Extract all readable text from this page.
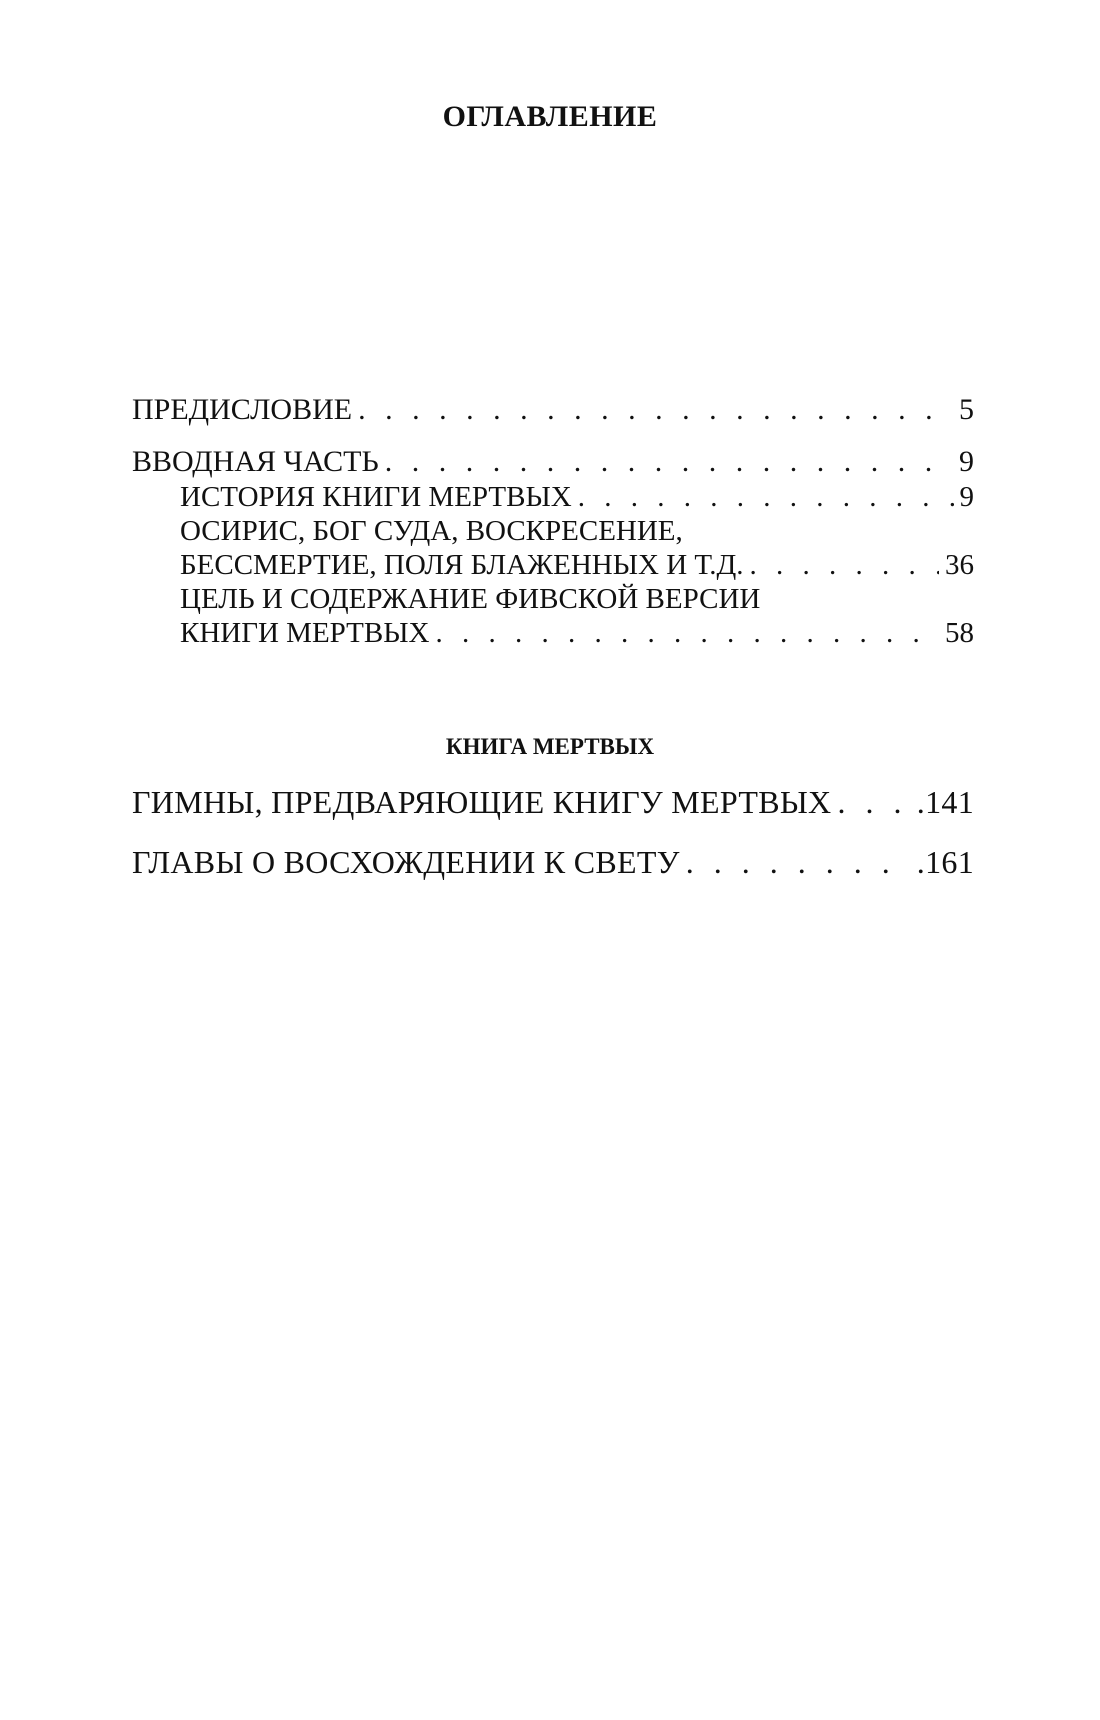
ОГЛАВЛЕНИЕ
ПРЕДИСЛОВИЕ . . .	5
ВВОДНАЯ ЧАСТЬ . . .	9
ИСТОРИЯ КНИГИ МЕРТВЫХ . . .	9
ОСИРИС, БОГ СУДА, ВОСКРЕСЕНИЕ,
БЕССМЕРТИЕ, ПОЛЯ БЛАЖЕННЫХ И Т.Д. . . .	36
ЦЕЛЬ И СОДЕРЖАНИЕ ФИВСКОЙ ВЕРСИИ
КНИГИ МЕРТВЫХ . . .	58
КНИГА МЕРТВЫХ
ГИМНЫ, ПРЕДВАРЯЮЩИЕ КНИГУ МЕРТВЫХ . . .	.141
ГЛАВЫ О ВОСХОЖДЕНИИ К СВЕТУ . . .	.161
